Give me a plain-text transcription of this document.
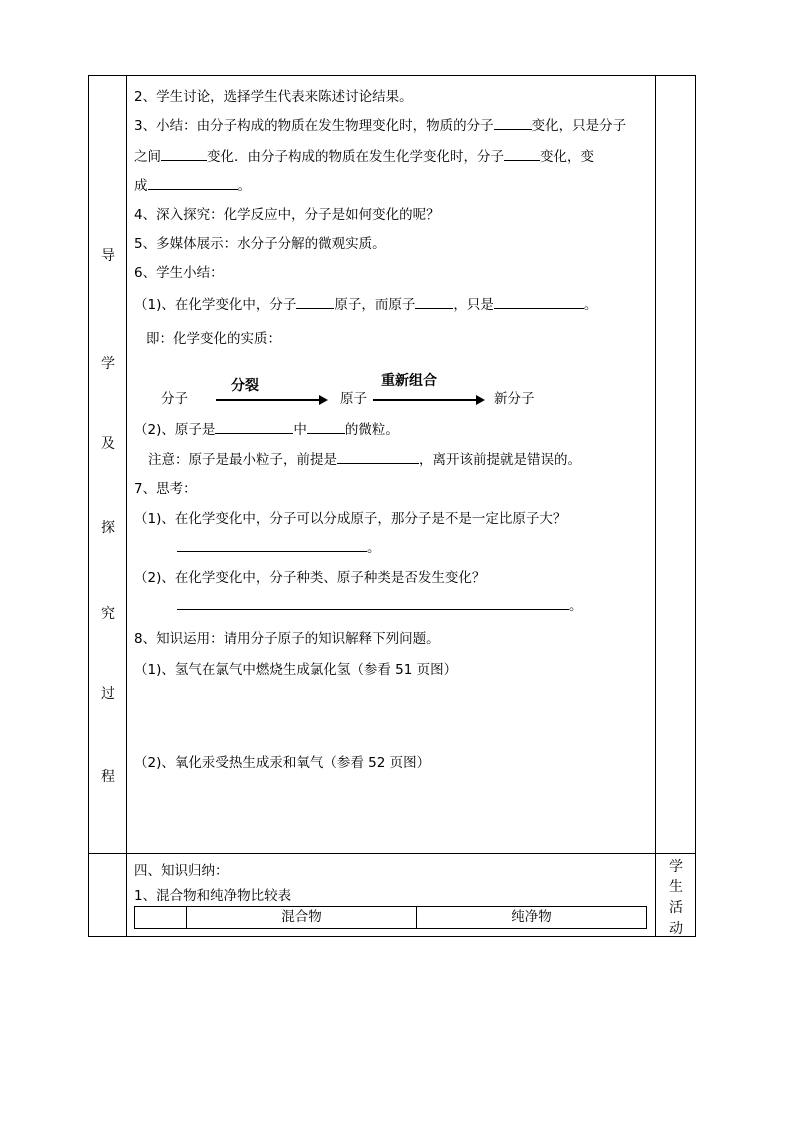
导
学
及
探
究
过
程
学
生
活
动
2、学生讨论，选择学生代表来陈述讨论结果。
3、小结：由分子构成的物质在发生物理变化时，物质的分子	变化，只是分子
之间	变化．由分子构成的物质在发生化学变化时，分子	变化，变
成	。
4、深入探究：化学反应中，分子是如何变化的呢？
5、多媒体展示：水分子分解的微观实质。
6、学生小结：
（1)、在化学变化中，分子	原子，而原子	，只是	。
即：化学变化的实质：
分子
分裂
原子
重新组合
新分子
（2)、原子是	中	的微粒。
注意：原子是最小粒子，前提是	，离开该前提就是错误的。
7、思考：
（1)、在化学变化中，分子可以分成原子，那分子是不是一定比原子大？
。
（2)、在化学变化中，分子种类、原子种类是否发生变化？
。
8、知识运用：请用分子原子的知识解释下列问题。
（1)、氢气在氯气中燃烧生成氯化氢（参看 51 页图）
（2)、氧化汞受热生成汞和氧气（参看 52 页图）
四、知识归纳：
1、混合物和纯净物比较表
混合物	纯净物
